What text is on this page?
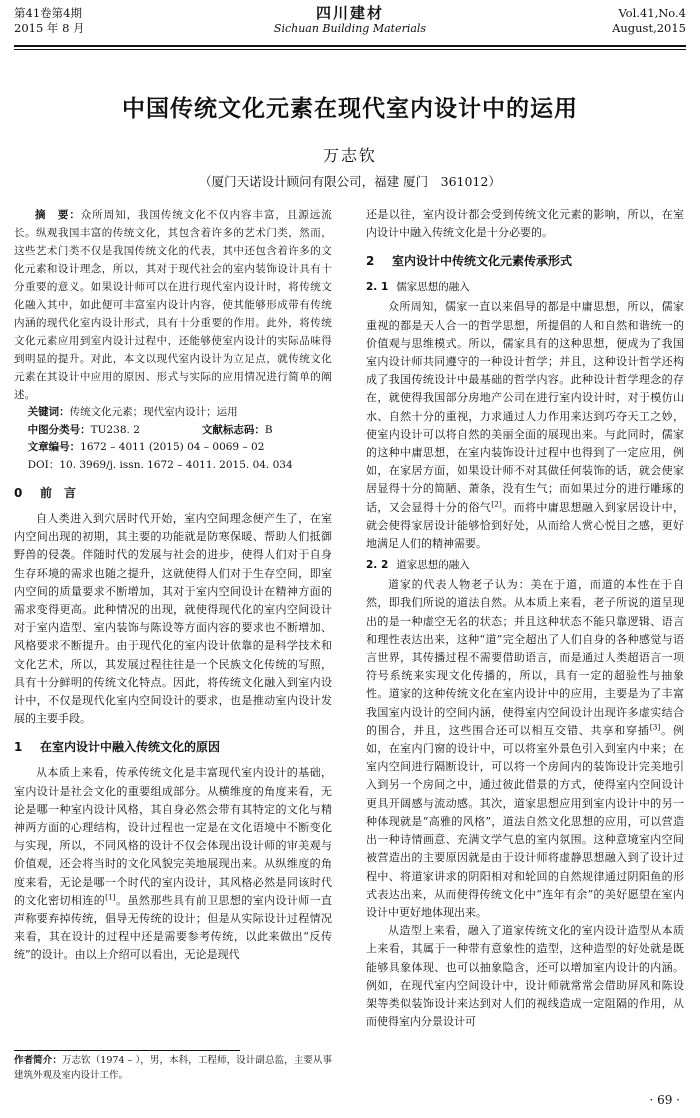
第41卷第4期
2015 年 8 月
四川建材
Sichuan Building Materials
Vol.41,No.4
August,2015
中国传统文化元素在现代室内设计中的运用
万志钦
（厦门天诺设计顾问有限公司，福建 厦门　361012）

摘　要：众所周知，我国传统文化不仅内容丰富，且源远流长。纵观我国丰富的传统文化，其包含着许多的艺术门类，然而，这些艺术门类不仅是我国传统文化的代表，其中还包含着许多的文化元素和设计理念，所以，其对于现代社会的室内装饰设计具有十分重要的意义。如果设计师可以在进行现代室内设计时，将传统文化融入其中，如此便可丰富室内设计内容，使其能够形成带有传统内涵的现代化室内设计形式，具有十分重要的作用。此外，将传统文化元素应用到室内设计过程中，还能够使室内设计的实际品味得到明显的提升。对此，本文以现代室内设计为立足点，就传统文化元素在其设计中应用的原因、形式与实际的应用情况进行简单的阐述。

关键词：传统文化元素；现代室内设计；运用

中图分类号：TU238. 2	文献标志码：B

文章编号：1672 – 4011 (2015) 04 – 0069 – 02

DOI：10. 3969/j. issn. 1672 – 4011. 2015. 04. 034

0 前　言

自人类进入到穴居时代开始，室内空间理念便产生了，在室内空间出现的初期，其主要的功能就是防寒保暖、帮助人们抵御野兽的侵袭。伴随时代的发展与社会的进步，使得人们对于自身生存环境的需求也随之提升，这就使得人们对于生存空间，即室内空间的质量要求不断增加，其对于室内空间设计在精神方面的需求变得更高。此种情况的出现，就使得现代化的室内空间设计对于室内造型、室内装饰与陈设等方面内容的要求也不断增加、风格要求不断提升。由于现代化的室内设计依靠的是科学技术和文化艺术，所以，其发展过程往往是一个民族文化传统的写照，具有十分鲜明的传统文化特点。因此，将传统文化融入到室内设计中，不仅是现代化室内空间设计的要求，也是推动室内设计发展的主要手段。

1 在室内设计中融入传统文化的原因

从本质上来看，传承传统文化是丰富现代室内设计的基础，室内设计是社会文化的重要组成部分。从横维度的角度来看，无论是哪一种室内设计风格，其自身必然会带有其特定的文化与精神两方面的心理结构，设计过程也一定是在文化语境中不断变化与实现，所以，不同风格的设计不仅会体现出设计师的审美观与价值观，还会将当时的文化风貌完美地展现出来。从纵维度的角度来看，无论是哪一个时代的室内设计，其风格必然是同该时代的文化密切相连的[1]。虽然那些具有前卫思想的室内设计师一直声称要弃掉传统，倡导无传统的设计；但是从实际设计过程情况来看，其在设计的过程中还是需要参考传统，以此来做出“反传统”的设计。由以上介绍可以看出，无论是现代

还是以往，室内设计都会受到传统文化元素的影响，所以，在室内设计中融入传统文化是十分必要的。

2 室内设计中传统文化元素传承形式

2. 1 儒家思想的融入

众所周知，儒家一直以来倡导的都是中庸思想，所以，儒家重视的都是天人合一的哲学思想，所提倡的人和自然和谐统一的价值观与思维模式。所以，儒家具有的这种思想，便成为了我国室内设计师共同遵守的一种设计哲学；并且，这种设计哲学还构成了我国传统设计中最基础的哲学内容。此种设计哲学理念的存在，就使得我国部分房地产公司在进行室内设计时，对于模仿山水、自然十分的重视，力求通过人力作用来达到巧夺天工之妙，使室内设计可以将自然的美丽全面的展现出来。与此同时，儒家的这种中庸思想，在室内装饰设计过程中也得到了一定应用，例如，在家居方面，如果设计师不对其做任何装饰的话，就会使家居显得十分的简陋、萧条，没有生气；而如果过分的进行雕琢的话，又会显得十分的俗气[2]。而将中庸思想融入到家居设计中，就会使得家居设计能够恰到好处，从而给人赏心悦目之感，更好地满足人们的精神需要。

2. 2 道家思想的融入

道家的代表人物老子认为：美在于道，而道的本性在于自然，即我们所说的道法自然。从本质上来看，老子所说的道呈现出的是一种虚空无名的状态；并且这种状态不能只靠逻辑、语言和理性表达出来，这种“道”完全超出了人们自身的各种感觉与语言世界，其传播过程不需要借助语言，而是通过人类超语言一项符号系统来实现文化传播的，所以，具有一定的超验性与抽象性。道家的这种传统文化在室内设计中的应用，主要是为了丰富我国室内设计的空间内涵，使得室内空间设计出现许多虚实结合的围合，并且，这些围合还可以相互交错、共享和穿插[3]。例如，在室内门窗的设计中，可以将室外景色引入到室内中来；在室内空间进行隔断设计，可以将一个房间内的装饰设计完美地引入到另一个房间之中，通过彼此借景的方式，使得室内空间设计更具开阔感与流动感。其次，道家思想应用到室内设计中的另一种体现就是“高雅的风格”，道法自然文化思想的应用，可以营造出一种诗情画意、充满文学气息的室内氛围。这种意境室内空间被营造出的主要原因就是由于设计师将虚静思想融入到了设计过程中、将道家讲求的阴阳相对和轮回的自然规律通过阴阳鱼的形式表达出来，从而使得传统文化中“连年有余”的美好愿望在室内设计中更好地体现出来。

从造型上来看，融入了道家传统文化的室内设计造型从本质上来看，其属于一种带有意象性的造型，这种造型的好处就是既能够具象体现、也可以抽象隐含，还可以增加室内设计的内涵。例如，在现代室内空间设计中，设计师就常常会借助屏风和陈设架等类似装饰设计来达到对人们的视线造成一定阻隔的作用，从而使得室内分景设计可

作者简介：万志钦（1974 – ），男，本科，工程师，设计副总监，主要从事建筑外观及室内设计工作。
· 69 ·
